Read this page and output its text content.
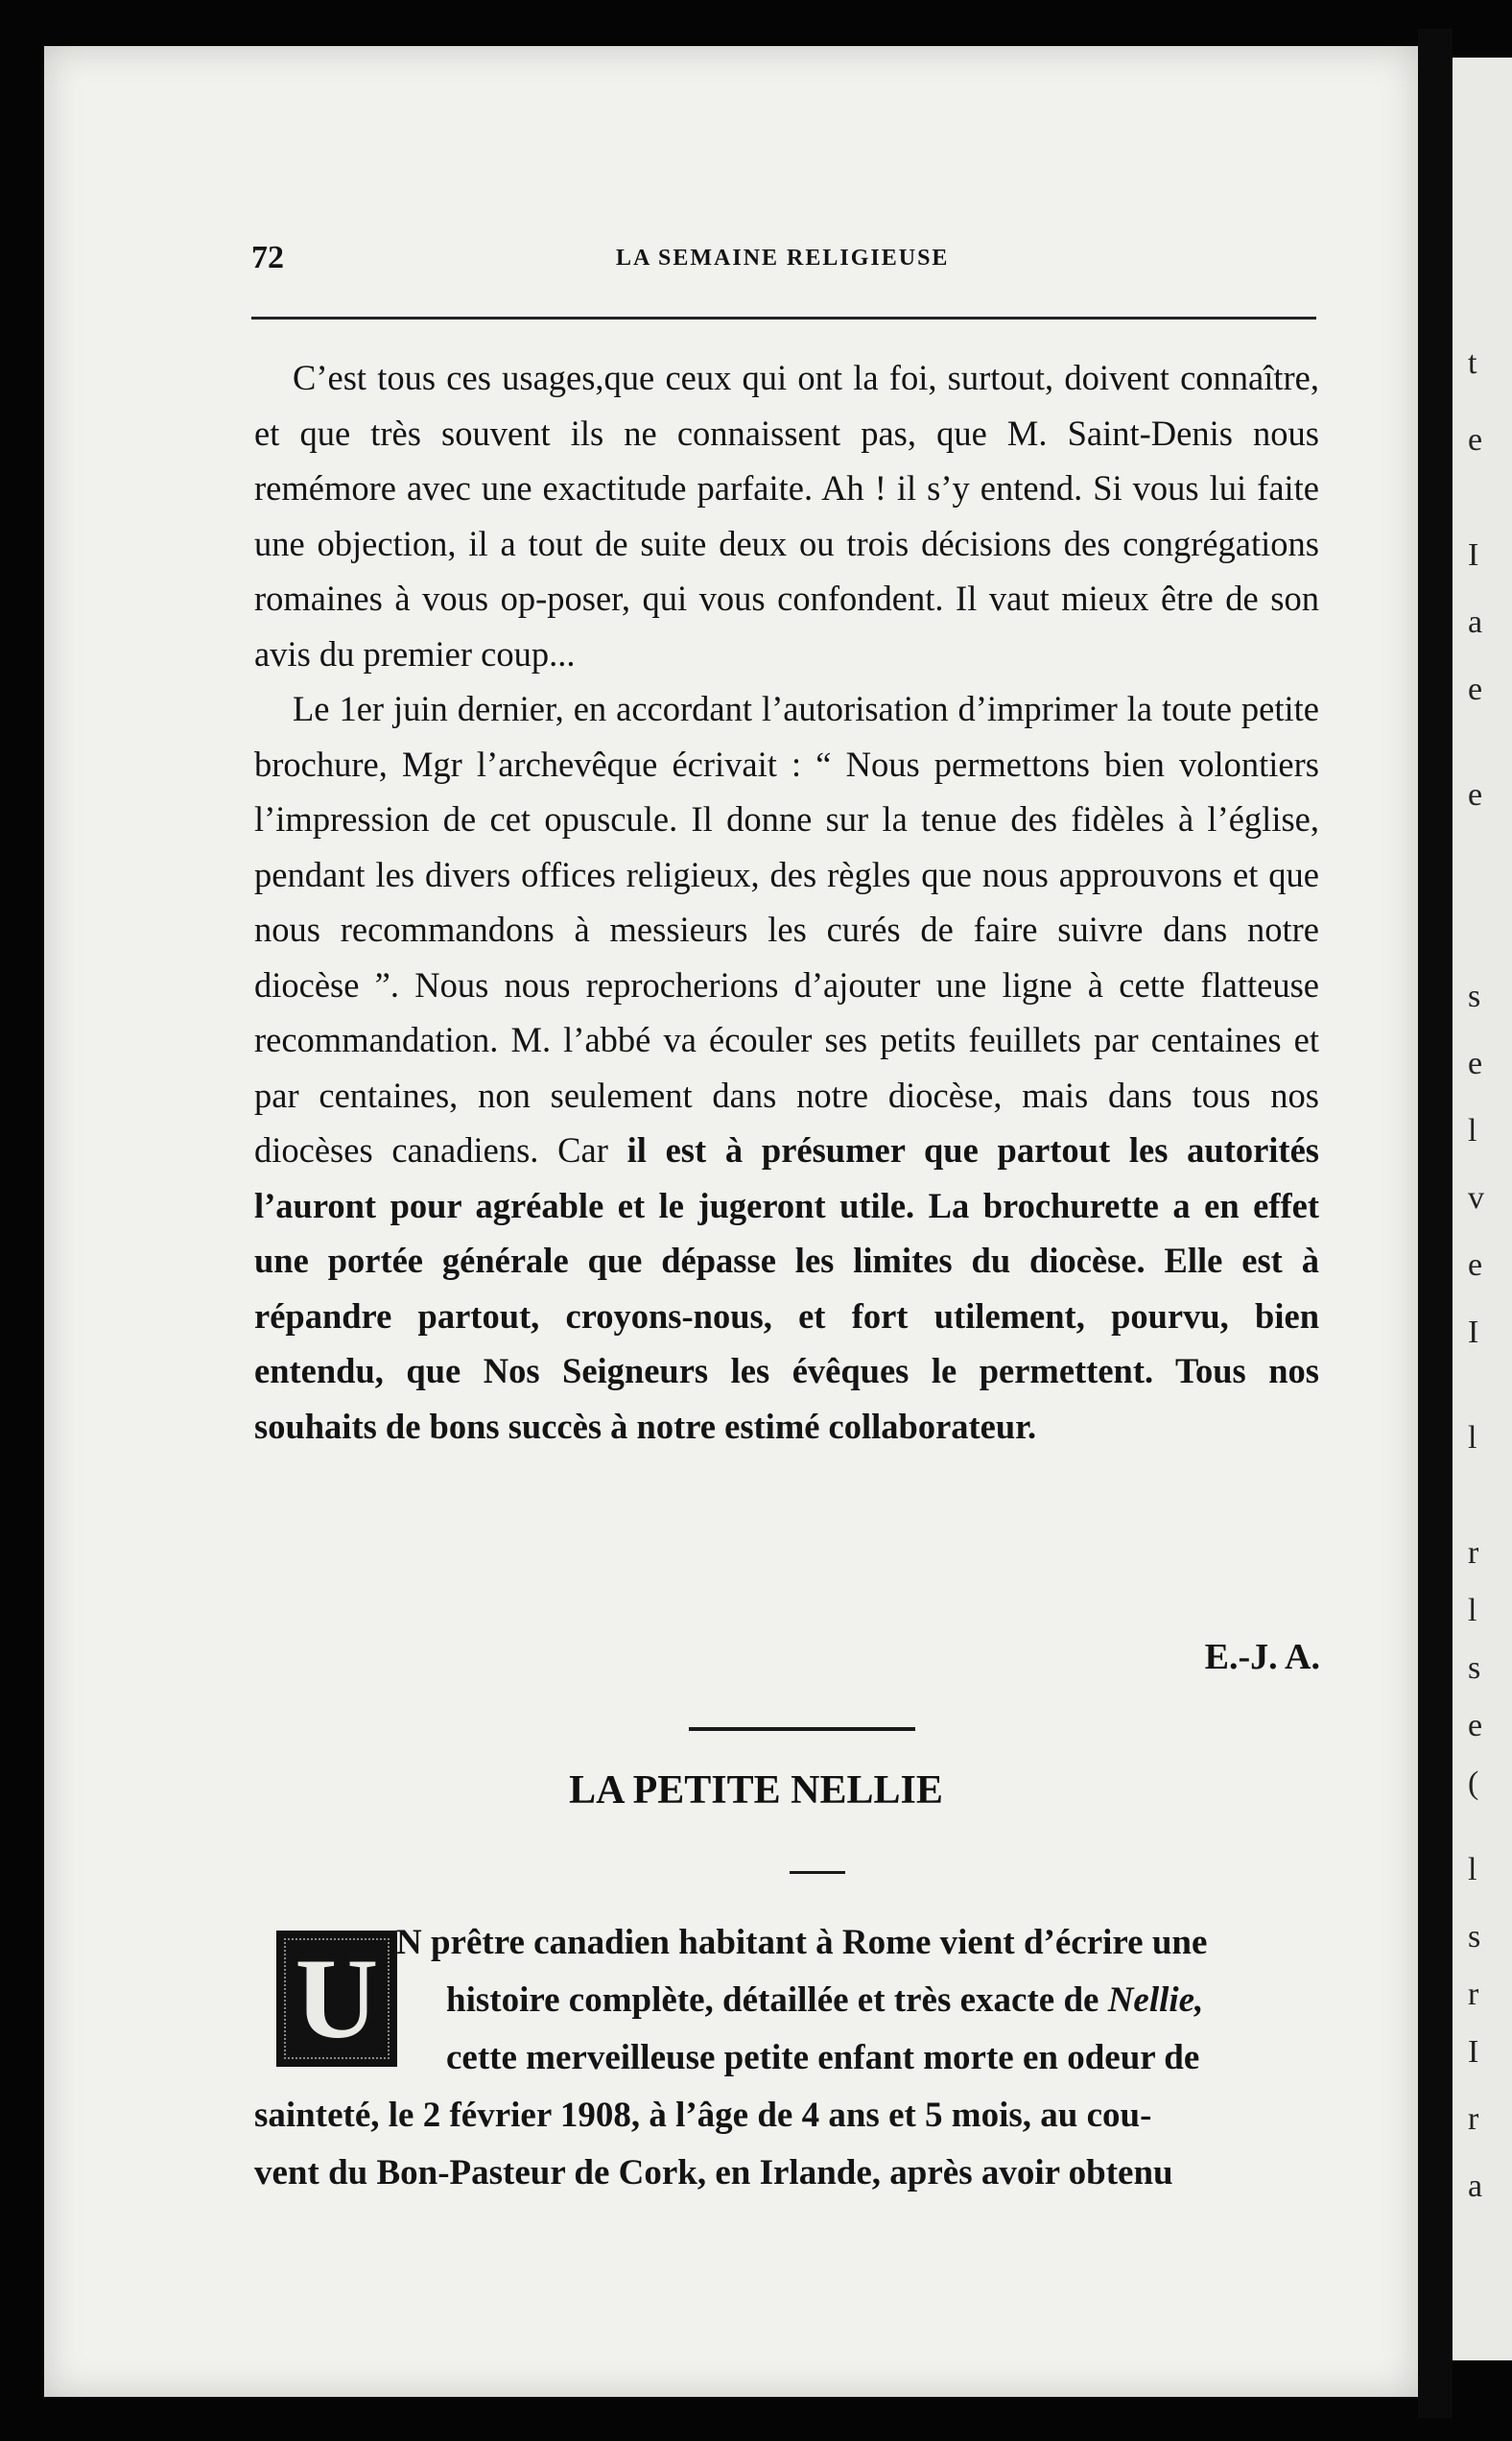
t
e
I
a
e
e
s
e
l
v
e
I
l
r
l
s
e
(
l
s
r
I
r
a
72	LA SEMAINE RELIGIEUSE

C’est tous ces usages,que ceux qui ont la foi, surtout, doivent connaître, et que très souvent ils ne connaissent pas, que M. Saint-Denis nous remémore avec une exactitude parfaite. Ah ! il s’y entend. Si vous lui faite une objection, il a tout de suite deux ou trois décisions des congrégations romaines à vous op-poser, qui vous confondent. Il vaut mieux être de son avis du premier coup...

Le 1er juin dernier, en accordant l’autorisation d’imprimer la toute petite brochure, Mgr l’archevêque écrivait : “ Nous permettons bien volontiers l’impression de cet opuscule. Il donne sur la tenue des fidèles à l’église, pendant les divers offices religieux, des règles que nous approuvons et que nous recommandons à messieurs les curés de faire suivre dans notre diocèse ”. Nous nous reprocherions d’ajouter une ligne à cette flatteuse recommandation. M. l’abbé va écouler ses petits feuillets par centaines et par centaines, non seulement dans notre diocèse, mais dans tous nos diocèses canadiens. Car il est à présumer que partout les autorités l’auront pour agréable et le jugeront utile. La brochurette a en effet une portée générale que dépasse les limites du diocèse. Elle est à répandre partout, croyons-nous, et fort utilement, pourvu, bien entendu, que Nos Seigneurs les évêques le permettent. Tous nos souhaits de bons succès à notre estimé collaborateur.

E.-J. A.
LA PETITE NELLIE
U N prêtre canadien habitant à Rome vient d’écrire une
histoire complète, détaillée et très exacte de Nellie,
cette merveilleuse petite enfant morte en odeur de
sainteté, le 2 février 1908, à l’âge de 4 ans et 5 mois, au cou-
vent du Bon-Pasteur de Cork, en Irlande, après avoir obtenu
